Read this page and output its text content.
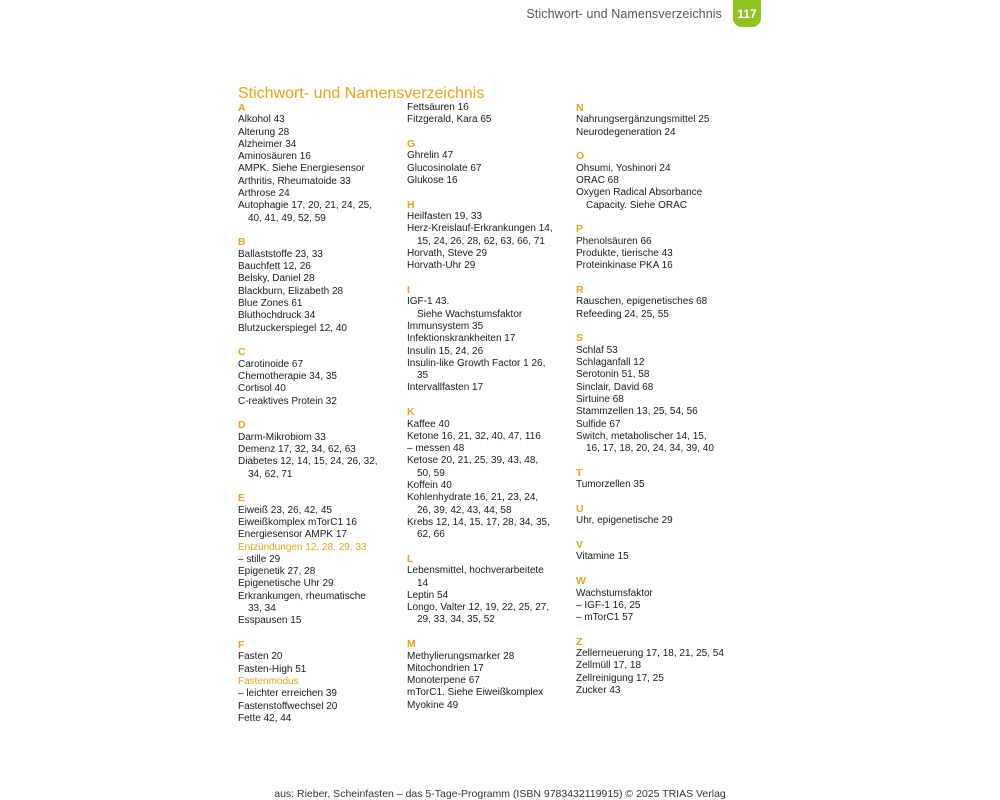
Stichwort- und Namensverzeichnis	117
Stichwort- und Namensverzeichnis
A
Alkohol 43
Alterung 28
Alzheimer 34
Aminosäuren 16
AMPK. Siehe Energiesensor
Arthritis, Rheumatoide 33
Arthrose 24
Autophagie 17, 20, 21, 24, 25,
40, 41, 49, 52, 59
B
Ballaststoffe 23, 33
Bauchfett 12, 26
Belsky, Daniel 28
Blackburn, Elizabeth 28
Blue Zones 61
Bluthochdruck 34
Blutzuckerspiegel 12, 40
C
Carotinoide 67
Chemotherapie 34, 35
Cortisol 40
C-reaktives Protein 32
D
Darm-Mikrobiom 33
Demenz 17, 32, 34, 62, 63
Diabetes 12, 14, 15, 24, 26, 32,
34, 62, 71
E
Eiweiß 23, 26, 42, 45
Eiweißkomplex mTorC1 16
Energiesensor AMPK 17
Entzündungen 12, 28, 29, 33
– stille 29
Epigenetik 27, 28
Epigenetische Uhr 29
Erkrankungen, rheumatische
33, 34
Esspausen 15
F
Fasten 20
Fasten-High 51
Fastenmodus
– leichter erreichen 39
Fastenstoffwechsel 20
Fette 42, 44
Fettsäuren 16
Fitzgerald, Kara 65
G
Ghrelin 47
Glucosinolate 67
Glukose 16
H
Heilfasten 19, 33
Herz-Kreislauf-Erkrankungen 14,
15, 24, 26, 28, 62, 63, 66, 71
Horvath, Steve 29
Horvath-Uhr 29
I
IGF-1 43.
Siehe Wachstumsfaktor
Immunsystem 35
Infektionskrankheiten 17
Insulin 15, 24, 26
Insulin-like Growth Factor 1 26,
35
Intervallfasten 17
K
Kaffee 40
Ketone 16, 21, 32, 40, 47, 116
– messen 48
Ketose 20, 21, 25, 39, 43, 48,
50, 59
Koffein 40
Kohlenhydrate 16, 21, 23, 24,
26, 39, 42, 43, 44, 58
Krebs 12, 14, 15, 17, 28, 34, 35,
62, 66
L
Lebensmittel, hochverarbeitete
14
Leptin 54
Longo, Valter 12, 19, 22, 25, 27,
29, 33, 34, 35, 52
M
Methylierungsmarker 28
Mitochondrien 17
Monoterpene 67
mTorC1. Siehe Eiweißkomplex
Myokine 49
N
Nahrungsergänzungsmittel 25
Neurodegeneration 24
O
Ohsumi, Yoshinori 24
ORAC 68
Oxygen Radical Absorbance
Capacity. Siehe ORAC
P
Phenolsäuren 66
Produkte, tierische 43
Proteinkinase PKA 16
R
Rauschen, epigenetisches 68
Refeeding 24, 25, 55
S
Schlaf 53
Schlaganfall 12
Serotonin 51, 58
Sinclair, David 68
Sirtuine 68
Stammzellen 13, 25, 54, 56
Sulfide 67
Switch, metabolischer 14, 15,
16, 17, 18, 20, 24, 34, 39, 40
T
Tumorzellen 35
U
Uhr, epigenetische 29
V
Vitamine 15
W
Wachstumsfaktor
– IGF-1 16, 25
– mTorC1 57
Z
Zellerneuerung 17, 18, 21, 25, 54
Zellmüll 17, 18
Zellreinigung 17, 25
Zucker 43
aus: Rieber, Scheinfasten – das 5-Tage-Programm (ISBN 9783432119915) © 2025 TRIAS Verlag
